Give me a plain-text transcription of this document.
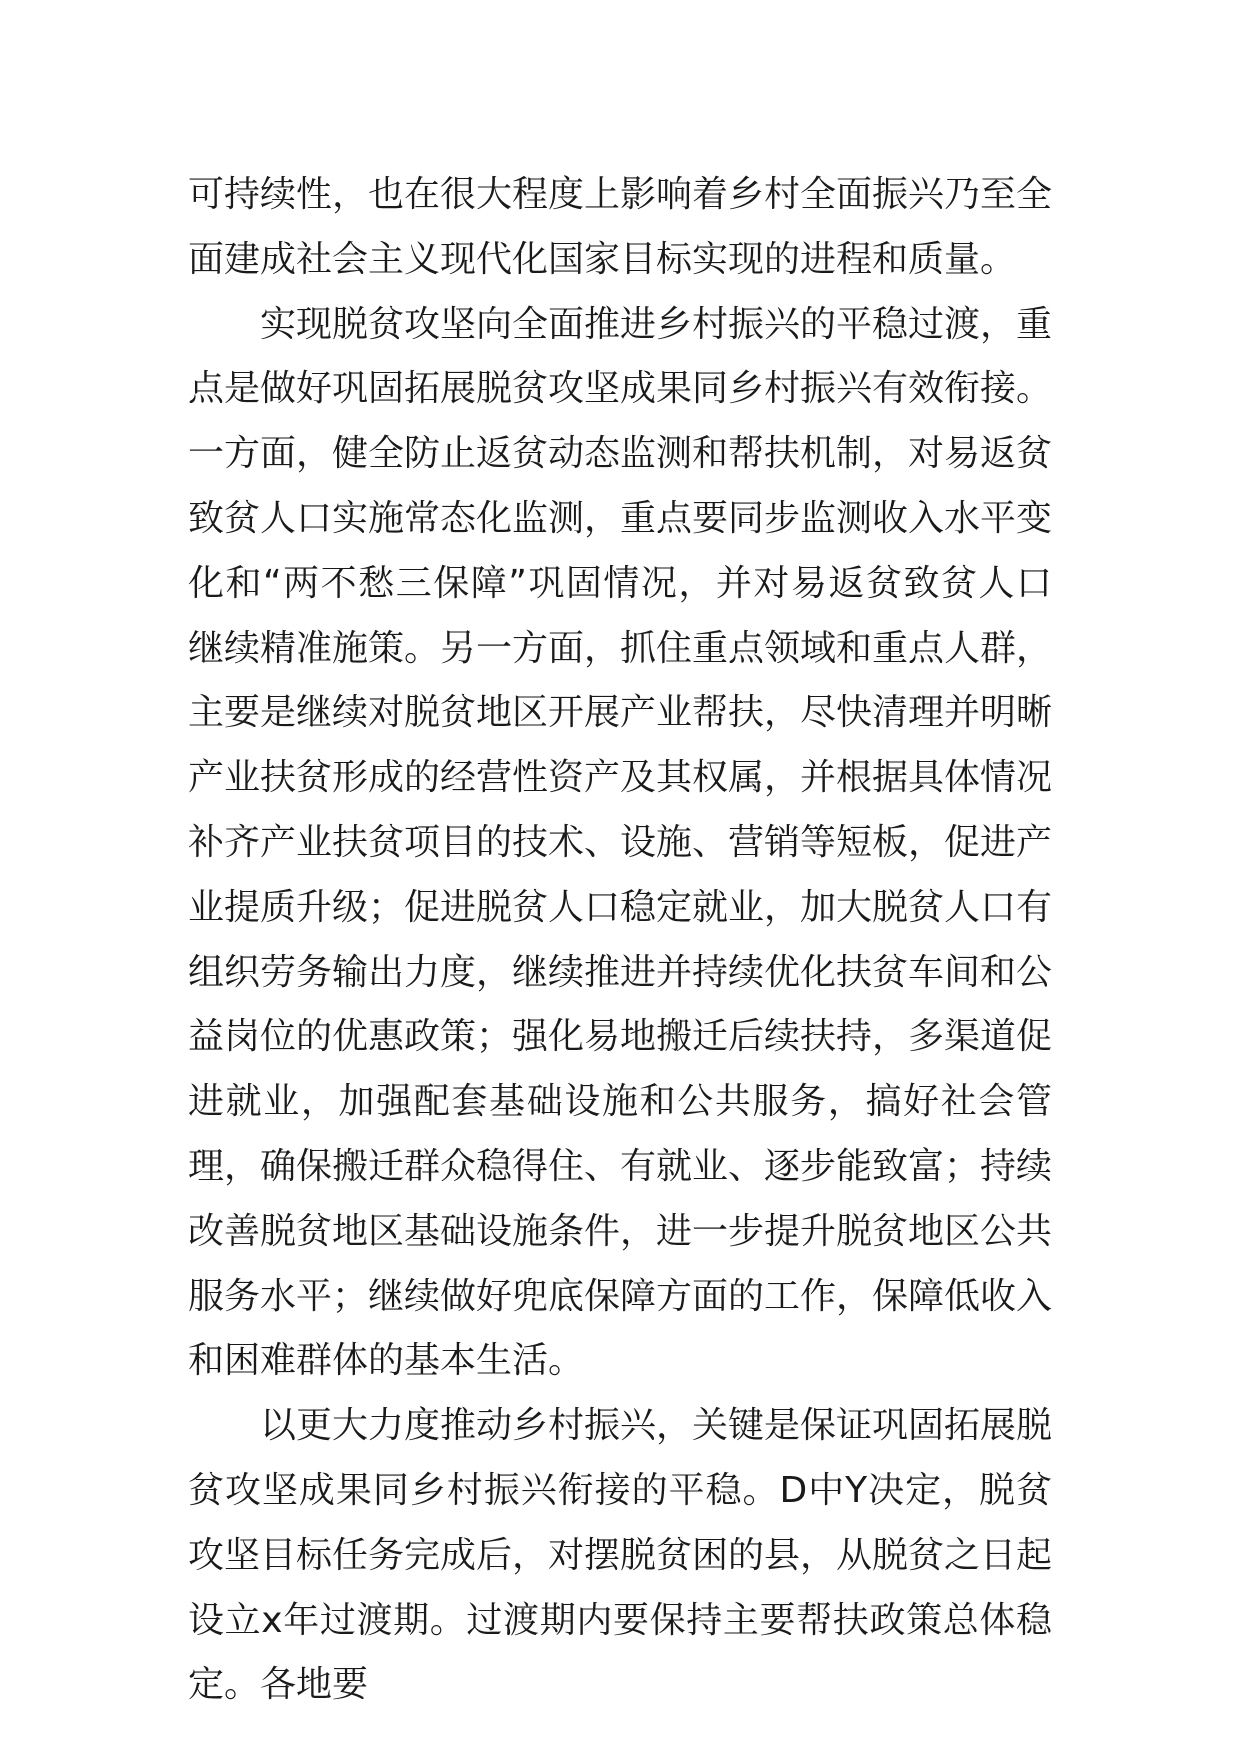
可持续性，也在很大程度上影响着乡村全面振兴乃至全面建成社会主义现代化国家目标实现的进程和质量。

实现脱贫攻坚向全面推进乡村振兴的平稳过渡，重点是做好巩固拓展脱贫攻坚成果同乡村振兴有效衔接。一方面，健全防止返贫动态监测和帮扶机制，对易返贫致贫人口实施常态化监测，重点要同步监测收入水平变化和“两不愁三保障”巩固情况，并对易返贫致贫人口继续精准施策。另一方面，抓住重点领域和重点人群，主要是继续对脱贫地区开展产业帮扶，尽快清理并明晰产业扶贫形成的经营性资产及其权属，并根据具体情况补齐产业扶贫项目的技术、设施、营销等短板，促进产业提质升级；促进脱贫人口稳定就业，加大脱贫人口有组织劳务输出力度，继续推进并持续优化扶贫车间和公益岗位的优惠政策；强化易地搬迁后续扶持，多渠道促进就业，加强配套基础设施和公共服务，搞好社会管理，确保搬迁群众稳得住、有就业、逐步能致富；持续改善脱贫地区基础设施条件，进一步提升脱贫地区公共服务水平；继续做好兜底保障方面的工作，保障低收入和困难群体的基本生活。

以更大力度推动乡村振兴，关键是保证巩固拓展脱贫攻坚成果同乡村振兴衔接的平稳。D中Y决定，脱贫攻坚目标任务完成后，对摆脱贫困的县，从脱贫之日起设立x年过渡期。过渡期内要保持主要帮扶政策总体稳定。各地要
